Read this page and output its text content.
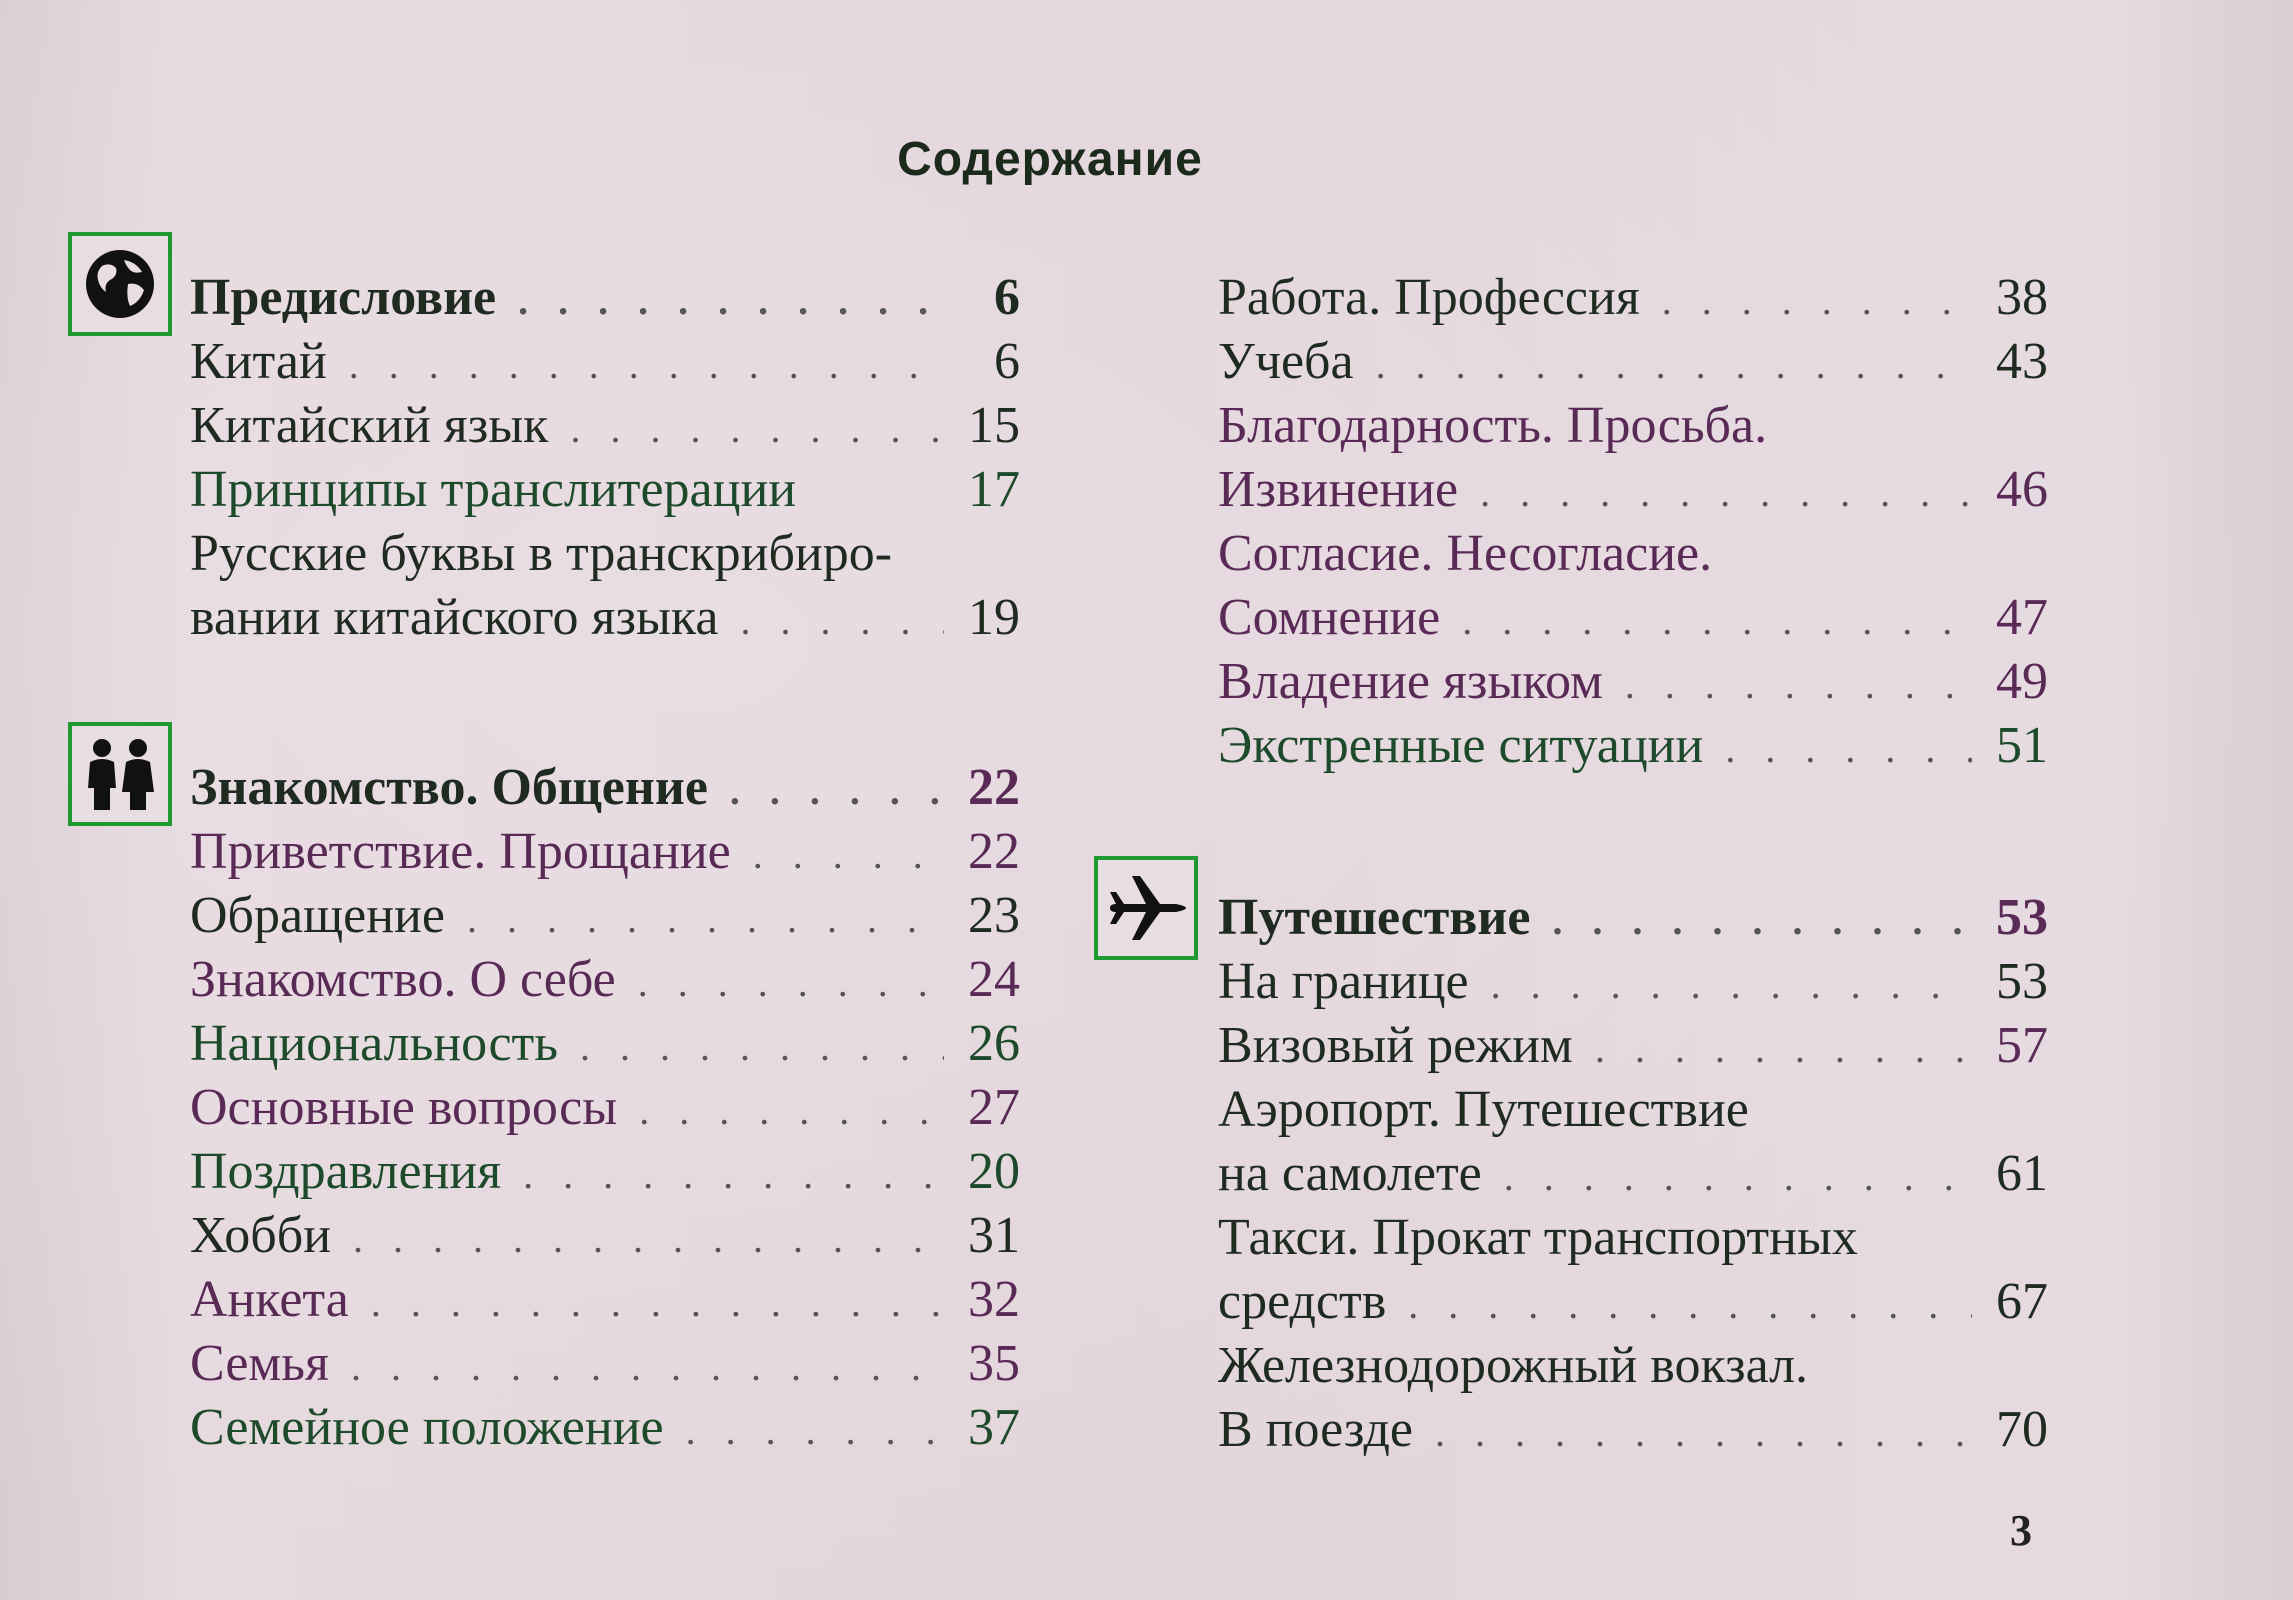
Содержание
Предисловие . . .	6
Китай . . .	6
Китайский язык . . .	15
Принципы транслитерации	17
Русские буквы в транскрибиро-
вании китайского языка . . .	19
Знакомство. Общение . . .	22
Приветствие. Прощание . . .	22
Обращение . . .	23
Знакомство. О себе . . .	24
Национальность . . .	26
Основные вопросы . . .	27
Поздравления . . .	20
Хобби . . .	31
Анкета . . .	32
Семья . . .	35
Семейное положение . . .	37
Работа. Профессия . . .	38
Учеба . . .	43
Благодарность. Просьба.
Извинение . . .	46
Согласие. Несогласие.
Сомнение . . .	47
Владение языком . . .	49
Экстренные ситуации . . .	51
Путешествие . . .	53
На границе . . .	53
Визовый режим . . .	57
Аэропорт. Путешествие
на самолете . . .	61
Такси. Прокат транспортных
средств . . .	67
Железнодорожный вокзал.
В поезде . . .	70
3
